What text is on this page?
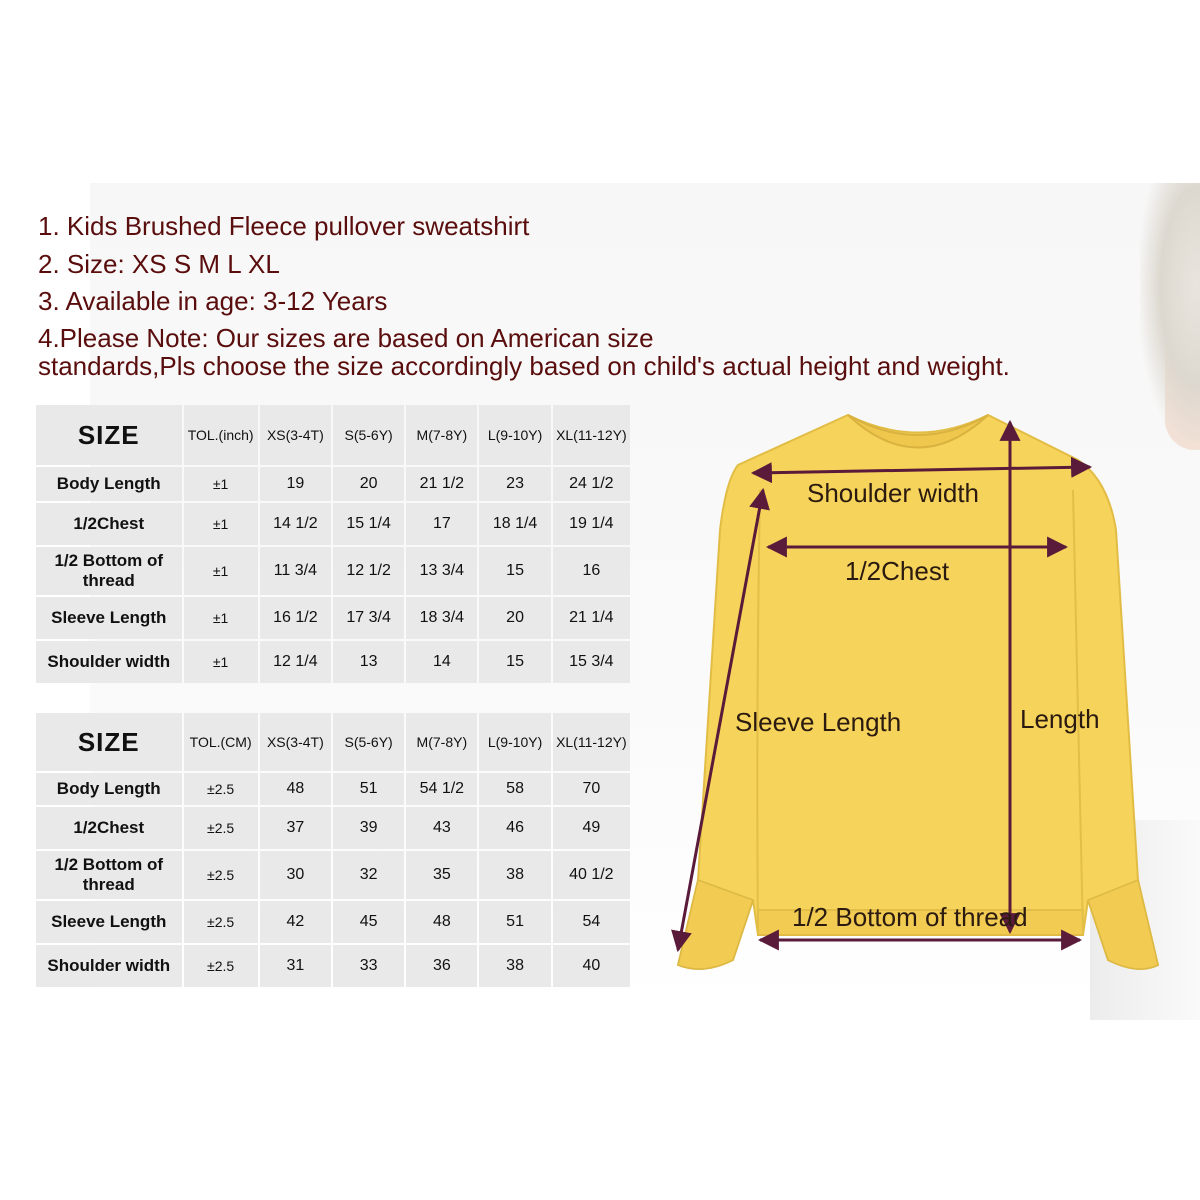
1. Kids Brushed Fleece pullover sweatshirt
2. Size: XS S M L XL
3. Available in age: 3-12 Years
4.Please Note: Our sizes are based on American size
standards,Pls choose the size accordingly based on child's actual height and weight.
SIZE	TOL.(inch)	XS(3-4T)	S(5-6Y)	M(7-8Y)	L(9-10Y)	XL(11-12Y)
Body Length	±1	19	20	21 1/2	23	24 1/2
1/2Chest	±1	14 1/2	15 1/4	17	18 1/4	19 1/4
1/2 Bottom of thread	±1	11 3/4	12 1/2	13 3/4	15	16
Sleeve Length	±1	16 1/2	17 3/4	18 3/4	20	21 1/4
Shoulder width	±1	12 1/4	13	14	15	15 3/4
SIZE	TOL.(CM)	XS(3-4T)	S(5-6Y)	M(7-8Y)	L(9-10Y)	XL(11-12Y)
Body Length	±2.5	48	51	54 1/2	58	70
1/2Chest	±2.5	37	39	43	46	49
1/2 Bottom of thread	±2.5	30	32	35	38	40 1/2
Sleeve Length	±2.5	42	45	48	51	54
Shoulder width	±2.5	31	33	36	38	40
Shoulder width
1/2Chest
Sleeve Length	Length
1/2 Bottom of thread
